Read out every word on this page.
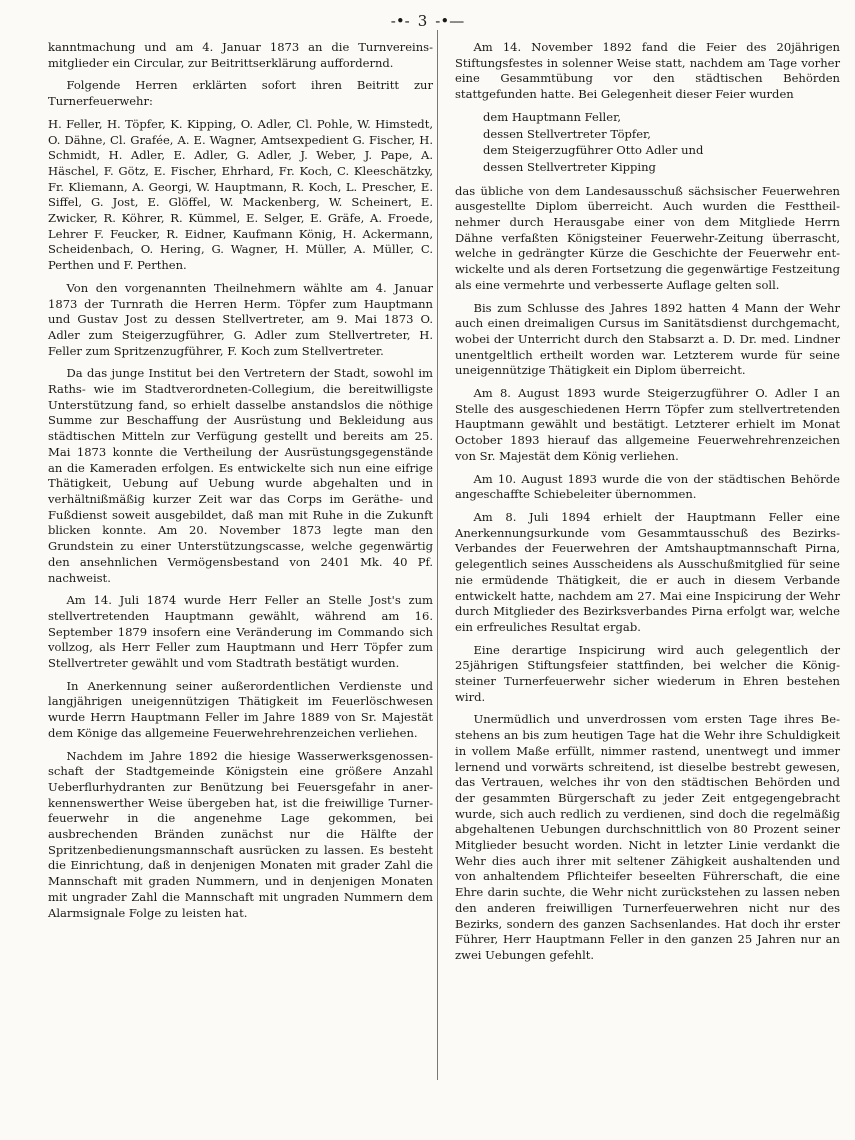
-•- 3 -•—

kanntmachung und am 4. Januar 1873 an die Turnvereinsmitglieder ein Circular, zur Beitrittserklärung auffordernd.

Folgende Herren erklärten sofort ihren Beitritt zur Turnerfeuerwehr:

H. Feller, H. Töpfer, K. Kipping, O. Adler, Cl. Pohle, W. Himstedt, O. Dähne, Cl. Grafée, A. E. Wagner, Amtsexpedient G. Fischer, H. Schmidt, H. Adler, E. Adler, G. Adler, J. Weber, J. Pape, A. Häschel, F. Götz, E. Fischer, Ehrhard, Fr. Koch, C. Kleeschätzky, Fr. Kliemann, A. Georgi, W. Hauptmann, R. Koch, L. Prescher, E. Siffel, G. Jost, E. Glöffel, W. Mackenberg, W. Scheinert, E. Zwicker, R. Köhrer, R. Kümmel, E. Selger, E. Gräfe, A. Froede, Lehrer F. Feucker, R. Eidner, Kaufmann König, H. Ackermann, Scheidenbach, O. Hering, G. Wagner, H. Müller, A. Müller, C. Perthen und F. Perthen.

Von den vorgenannten Theilnehmern wählte am 4. Januar 1873 der Turnrath die Herren Herm. Töpfer zum Hauptmann und Gustav Jost zu dessen Stellvertreter, am 9. Mai 1873 O. Adler zum Steigerzugführer, G. Adler zum Stellvertreter, H. Feller zum Spritzenzugführer, F. Koch zum Stellvertreter.

Da das junge Institut bei den Vertretern der Stadt, sowohl im Raths- wie im Stadtverordneten-Collegium, die bereitwilligste Unterstützung fand, so erhielt dasselbe anstandslos die nöthige Summe zur Beschaffung der Ausrüstung und Bekleidung aus städtischen Mitteln zur Verfügung gestellt und bereits am 25. Mai 1873 konnte die Vertheilung der Ausrüstungsgegenstände an die Kameraden erfolgen. Es entwickelte sich nun eine eifrige Thätigkeit, Uebung auf Uebung wurde abgehalten und in verhältnißmäßig kurzer Zeit war das Corps im Geräthe- und Fußdienst soweit ausgebildet, daß man mit Ruhe in die Zukunft blicken konnte. Am 20. November 1873 legte man den Grundstein zu einer Unterstützungscasse, welche gegenwärtig den ansehnlichen Vermögensbestand von 2401 Mk. 40 Pf. nachweist.

Am 14. Juli 1874 wurde Herr Feller an Stelle Jost's zum stellvertretenden Hauptmann gewählt, während am 16. September 1879 insofern eine Veränderung im Commando sich vollzog, als Herr Feller zum Hauptmann und Herr Töpfer zum Stellvertreter gewählt und vom Stadtrath bestätigt wurden.

In Anerkennung seiner außerordentlichen Verdienste und langjährigen uneigennützigen Thätigkeit im Feuerlöschwesen wurde Herrn Hauptmann Feller im Jahre 1889 von Sr. Majestät dem Könige das allgemeine Feuerwehrehrenzeichen verliehen.

Nachdem im Jahre 1892 die hiesige Wasserwerksgenossenschaft der Stadtgemeinde Königstein eine größere Anzahl Ueberflurhydranten zur Benützung bei Feuersgefahr in anerkennenswerther Weise übergeben hat, ist die freiwillige Turnerfeuerwehr in die angenehme Lage gekommen, bei ausbrechenden Bränden zunächst nur die Hälfte der Spritzenbedienungsmannschaft ausrücken zu lassen. Es besteht die Einrichtung, daß in denjenigen Monaten mit grader Zahl die Mannschaft mit graden Nummern, und in denjenigen Monaten mit ungrader Zahl die Mannschaft mit ungraden Nummern dem Alarmsignale Folge zu leisten hat.

Am 14. November 1892 fand die Feier des 20jährigen Stiftungsfestes in solenner Weise statt, nachdem am Tage vorher eine Gesammtübung vor den städtischen Behörden stattgefunden hatte. Bei Gelegenheit dieser Feier wurden

dem Hauptmann Feller,
dessen Stellvertreter Töpfer,
dem Steigerzugführer Otto Adler und
dessen Stellvertreter Kipping

das übliche von dem Landesausschuß sächsischer Feuerwehren ausgestellte Diplom überreicht. Auch wurden die Festtheilnehmer durch Herausgabe einer von dem Mitgliede Herrn Dähne verfaßten Königsteiner Feuerwehr-Zeitung überrascht, welche in gedrängter Kürze die Geschichte der Feuerwehr entwickelte und als deren Fortsetzung die gegenwärtige Festzeitung als eine vermehrte und verbesserte Auflage gelten soll.

Bis zum Schlusse des Jahres 1892 hatten 4 Mann der Wehr auch einen dreimaligen Cursus im Sanitätsdienst durchgemacht, wobei der Unterricht durch den Stabsarzt a. D. Dr. med. Lindner unentgeltlich ertheilt worden war. Letzterem wurde für seine uneigennützige Thätigkeit ein Diplom überreicht.

Am 8. August 1893 wurde Steigerzugführer O. Adler I an Stelle des ausgeschiedenen Herrn Töpfer zum stellvertretenden Hauptmann gewählt und bestätigt. Letzterer erhielt im Monat October 1893 hierauf das allgemeine Feuerwehrehrenzeichen von Sr. Majestät dem König verliehen.

Am 10. August 1893 wurde die von der städtischen Behörde angeschaffte Schiebeleiter übernommen.

Am 8. Juli 1894 erhielt der Hauptmann Feller eine Anerkennungsurkunde vom Gesammtausschuß des BezirksVerbandes der Feuerwehren der Amtshauptmannschaft Pirna, gelegentlich seines Ausscheidens als Ausschußmitglied für seine nie ermüdende Thätigkeit, die er auch in diesem Verbande entwickelt hatte, nachdem am 27. Mai eine Inspicirung der Wehr durch Mitglieder des Bezirksverbandes Pirna erfolgt war, welche ein erfreuliches Resultat ergab.

Eine derartige Inspicirung wird auch gelegentlich der 25jährigen Stiftungsfeier stattfinden, bei welcher die Königsteiner Turnerfeuerwehr sicher wiederum in Ehren bestehen wird.

Unermüdlich und unverdrossen vom ersten Tage ihres Bestehens an bis zum heutigen Tage hat die Wehr ihre Schuldigkeit in vollem Maße erfüllt, nimmer rastend, unentwegt und immer lernend und vorwärts schreitend, ist dieselbe bestrebt gewesen, das Vertrauen, welches ihr von den städtischen Behörden und der gesammten Bürgerschaft zu jeder Zeit entgegengebracht wurde, sich auch redlich zu verdienen, sind doch die regelmäßig abgehaltenen Uebungen durchschnittlich von 80 Prozent seiner Mitglieder besucht worden. Nicht in letzter Linie verdankt die Wehr dies auch ihrer mit seltener Zähigkeit aushaltenden und von anhaltendem Pflichteifer beseelten Führerschaft, die eine Ehre darin suchte, die Wehr nicht zurückstehen zu lassen neben den anderen freiwilligen Turnerfeuerwehren nicht nur des Bezirks, sondern des ganzen Sachsenlandes. Hat doch ihr erster Führer, Herr Hauptmann Feller in den ganzen 25 Jahren nur an zwei Uebungen gefehlt.
